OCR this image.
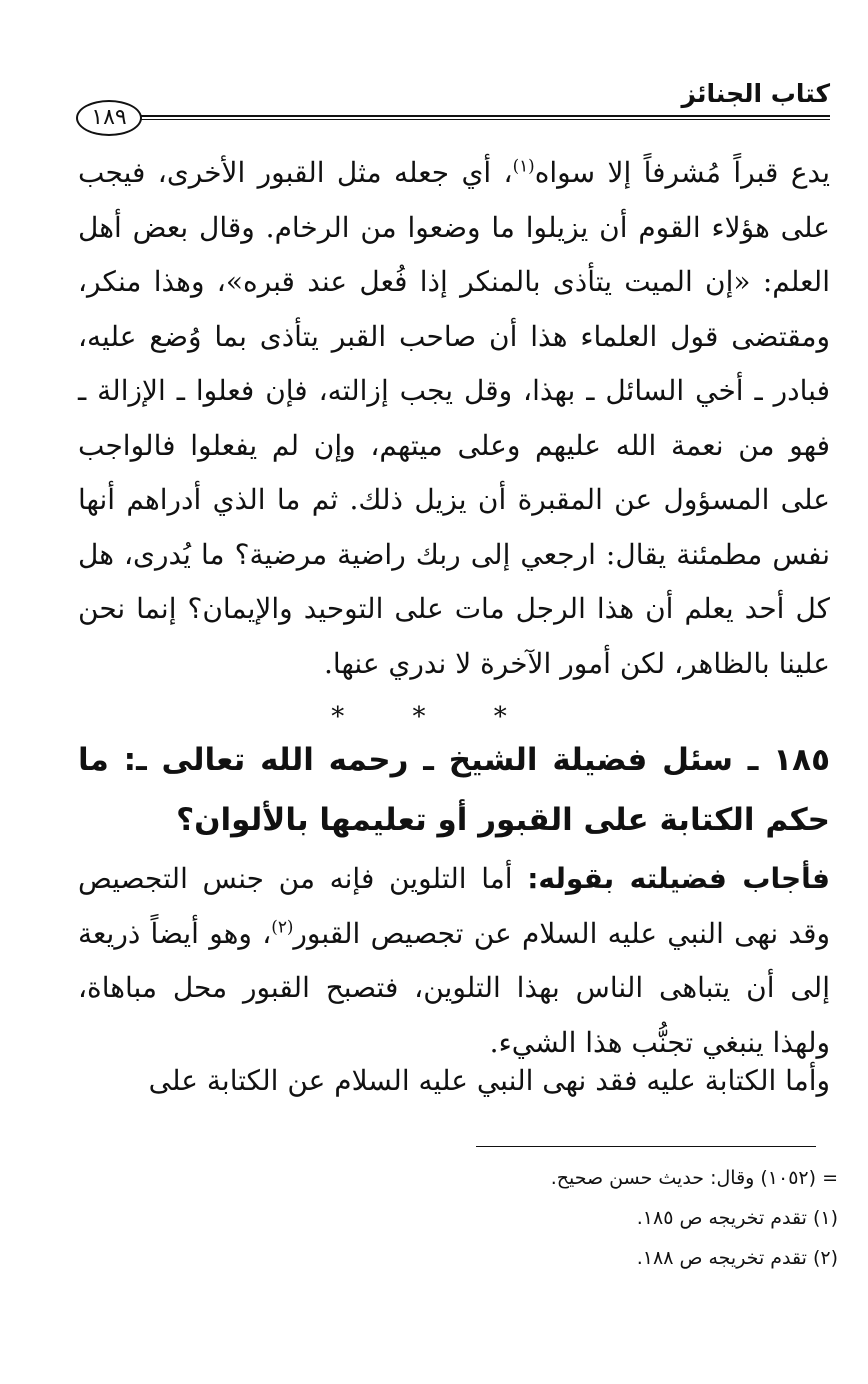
كتاب الجنائز
١٨٩
يدع قبراً مُشرفاً إلا سواه$^{(١)}$، أي جعله مثل القبور الأخرى، فيجب على هؤلاء القوم أن يزيلوا ما وضعوا من الرخام. وقال بعض أهل العلم: «إن الميت يتأذى بالمنكر إذا فُعل عند قبره»، وهذا منكر، ومقتضى قول العلماء هذا أن صاحب القبر يتأذى بما وُضع عليه، فبادر ـ أخي السائل ـ بهذا، وقل يجب إزالته، فإن فعلوا ـ الإزالة ـ فهو من نعمة الله عليهم وعلى ميتهم، وإن لم يفعلوا فالواجب على المسؤول عن المقبرة أن يزيل ذلك. ثم ما الذي أدراهم أنها نفس مطمئنة يقال: ارجعي إلى ربك راضية مرضية؟ ما يُدرى، هل كل أحد يعلم أن هذا الرجل مات على التوحيد والإيمان؟ إنما نحن علينا بالظاهر، لكن أمور الآخرة لا ندري عنها.
* * *
١٨٥ ـ سئل فضيلة الشيخ ـ رحمه الله تعالى ـ: ما حكم الكتابة على القبور أو تعليمها بالألوان؟
فأجاب فضيلته بقوله: أما التلوين فإنه من جنس التجصيص وقد نهى النبي عليه السلام عن تجصيص القبور$^{(٢)}$، وهو أيضاً ذريعة إلى أن يتباهى الناس بهذا التلوين، فتصبح القبور محل مباهاة، ولهذا ينبغي تجنُّب هذا الشيء.
وأما الكتابة عليه فقد نهى النبي عليه السلام عن الكتابة على
= (١٠٥٢) وقال: حديث حسن صحيح.
(١) تقدم تخريجه ص ١٨٥.
(٢) تقدم تخريجه ص ١٨٨.
